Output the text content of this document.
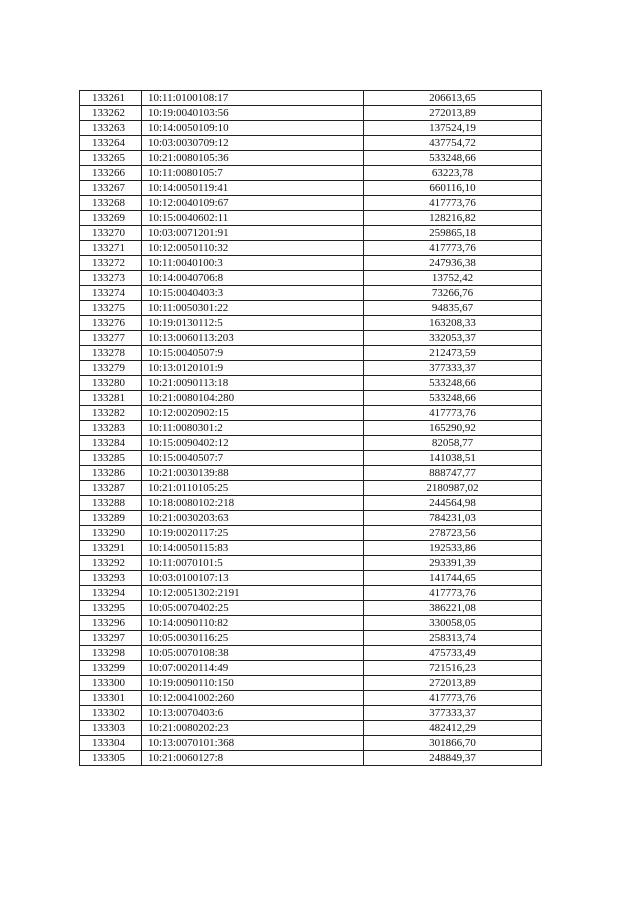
133261	10:11:0100108:17	206613,65
133262	10:19:0040103:56	272013,89
133263	10:14:0050109:10	137524,19
133264	10:03:0030709:12	437754,72
133265	10:21:0080105:36	533248,66
133266	10:11:0080105:7	63223,78
133267	10:14:0050119:41	660116,10
133268	10:12:0040109:67	417773,76
133269	10:15:0040602:11	128216,82
133270	10:03:0071201:91	259865,18
133271	10:12:0050110:32	417773,76
133272	10:11:0040100:3	247936,38
133273	10:14:0040706:8	13752,42
133274	10:15:0040403:3	73266,76
133275	10:11:0050301:22	94835,67
133276	10:19:0130112:5	163208,33
133277	10:13:0060113:203	332053,37
133278	10:15:0040507:9	212473,59
133279	10:13:0120101:9	377333,37
133280	10:21:0090113:18	533248,66
133281	10:21:0080104:280	533248,66
133282	10:12:0020902:15	417773,76
133283	10:11:0080301:2	165290,92
133284	10:15:0090402:12	82058,77
133285	10:15:0040507:7	141038,51
133286	10:21:0030139:88	888747,77
133287	10:21:0110105:25	2180987,02
133288	10:18:0080102:218	244564,98
133289	10:21:0030203:63	784231,03
133290	10:19:0020117:25	278723,56
133291	10:14:0050115:83	192533,86
133292	10:11:0070101:5	293391,39
133293	10:03:0100107:13	141744,65
133294	10:12:0051302:2191	417773,76
133295	10:05:0070402:25	386221,08
133296	10:14:0090110:82	330058,05
133297	10:05:0030116:25	258313,74
133298	10:05:0070108:38	475733,49
133299	10:07:0020114:49	721516,23
133300	10:19:0090110:150	272013,89
133301	10:12:0041002:260	417773,76
133302	10:13:0070403:6	377333,37
133303	10:21:0080202:23	482412,29
133304	10:13:0070101:368	301866,70
133305	10:21:0060127:8	248849,37
